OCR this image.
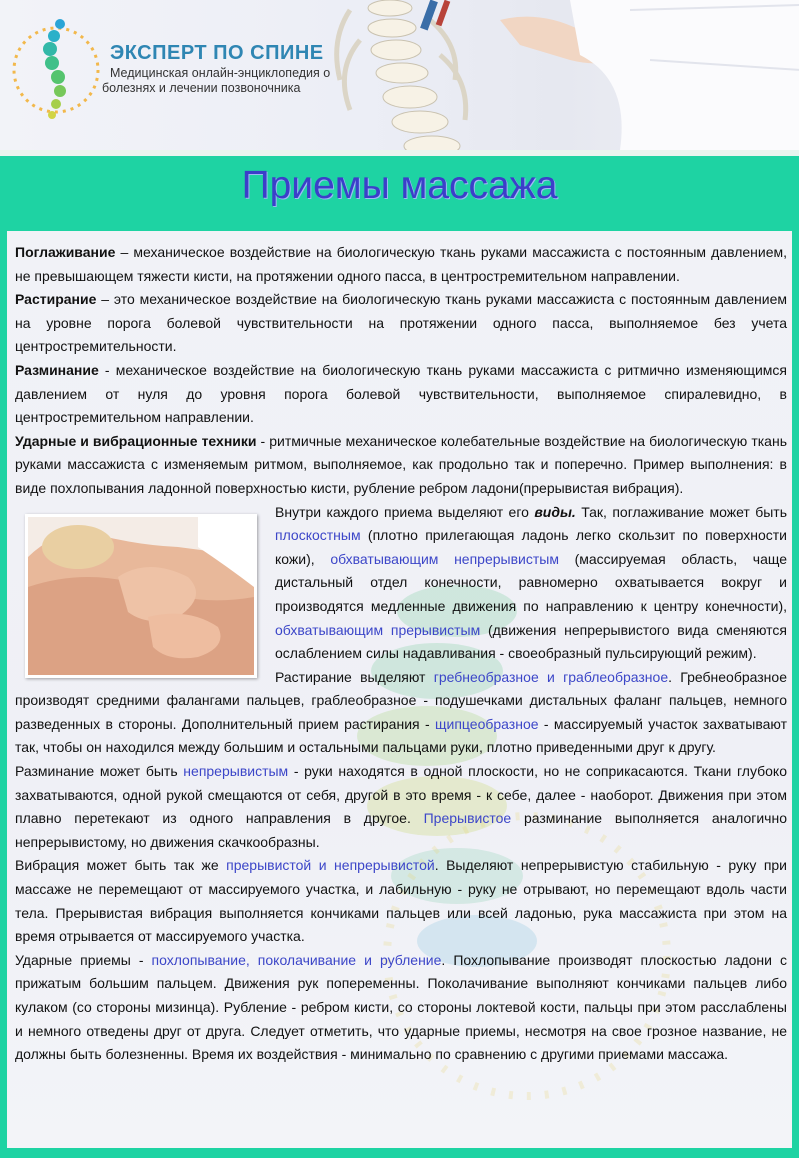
ЭКСПЕРТ ПО СПИНЕ
Медицинская онлайн-энциклопедия о
болезнях и лечении позвоночника
Приемы массажа

Поглаживание – механическое воздействие на биологическую ткань руками массажиста с постоянным давлением, не превышающем тяжести кисти, на протяжении одного пасса, в центростремительном направлении.

Растирание – это механическое воздействие на биологическую ткань руками массажиста с постоянным давлением на уровне порога болевой чувствительности на протяжении одного пасса, выполняемое без учета центростремительности.

Разминание - механическое воздействие на биологическую ткань руками массажиста с ритмично изменяющимся давлением от нуля до уровня порога болевой чувствительности, выполняемое спиралевидно, в центростремительном направлении.

Ударные и вибрационные техники - ритмичные механическое колебательные воздействие на биологическую ткань руками массажиста с изменяемым ритмом, выполняемое, как продольно так и поперечно. Пример выполнения: в виде похлопывания ладонной поверхностью кисти, рубление ребром ладони(прерывистая вибрация).

Внутри каждого приема выделяют его виды. Так, поглаживание может быть плоскостным (плотно прилегающая ладонь легко скользит по поверхности кожи), обхватывающим непрерывистым (массируемая область, чаще дистальный отдел конечности, равномерно охватывается вокруг и производятся медленные движения по направлению к центру конечности), обхватывающим прерывистым (движения непрерывистого вида сменяются ослаблением силы надавливания - своеобразный пульсирующий режим).

Растирание выделяют гребнеобразное и граблеобразное. Гребнеобразное производят средними фалангами пальцев, граблеобразное - подушечками дистальных фаланг пальцев, немного разведенных в стороны. Дополнительный прием растирания - щипцеобразное - массируемый участок захватывают так, чтобы он находился между большим и остальными пальцами руки, плотно приведенными друг к другу.

Разминание может быть непрерывистым - руки находятся в одной плоскости, но не соприкасаются. Ткани глубоко захватываются, одной рукой смещаются от себя, другой в это время - к себе, далее - наоборот. Движения при этом плавно перетекают из одного направления в другое. Прерывистое разминание выполняется аналогично непрерывистому, но движения скачкообразны.

Вибрация может быть так же прерывистой и непрерывистой. Выделяют непрерывистую стабильную - руку при массаже не перемещают от массируемого участка, и лабильную - руку не отрывают, но перемещают вдоль части тела. Прерывистая вибрация выполняется кончиками пальцев или всей ладонью, рука массажиста при этом на время отрывается от массируемого участка.

Ударные приемы - похлопывание, поколачивание и рубление. Похлопывание производят плоскостью ладони с прижатым большим пальцем. Движения рук попеременны. Поколачивание выполняют кончиками пальцев либо кулаком (со стороны мизинца). Рубление - ребром кисти, со стороны локтевой кости, пальцы при этом расслаблены и немного отведены друг от друга. Следует отметить, что ударные приемы, несмотря на свое грозное название, не должны быть болезненны. Время их воздействия - минимально по сравнению с другими приемами массажа.
